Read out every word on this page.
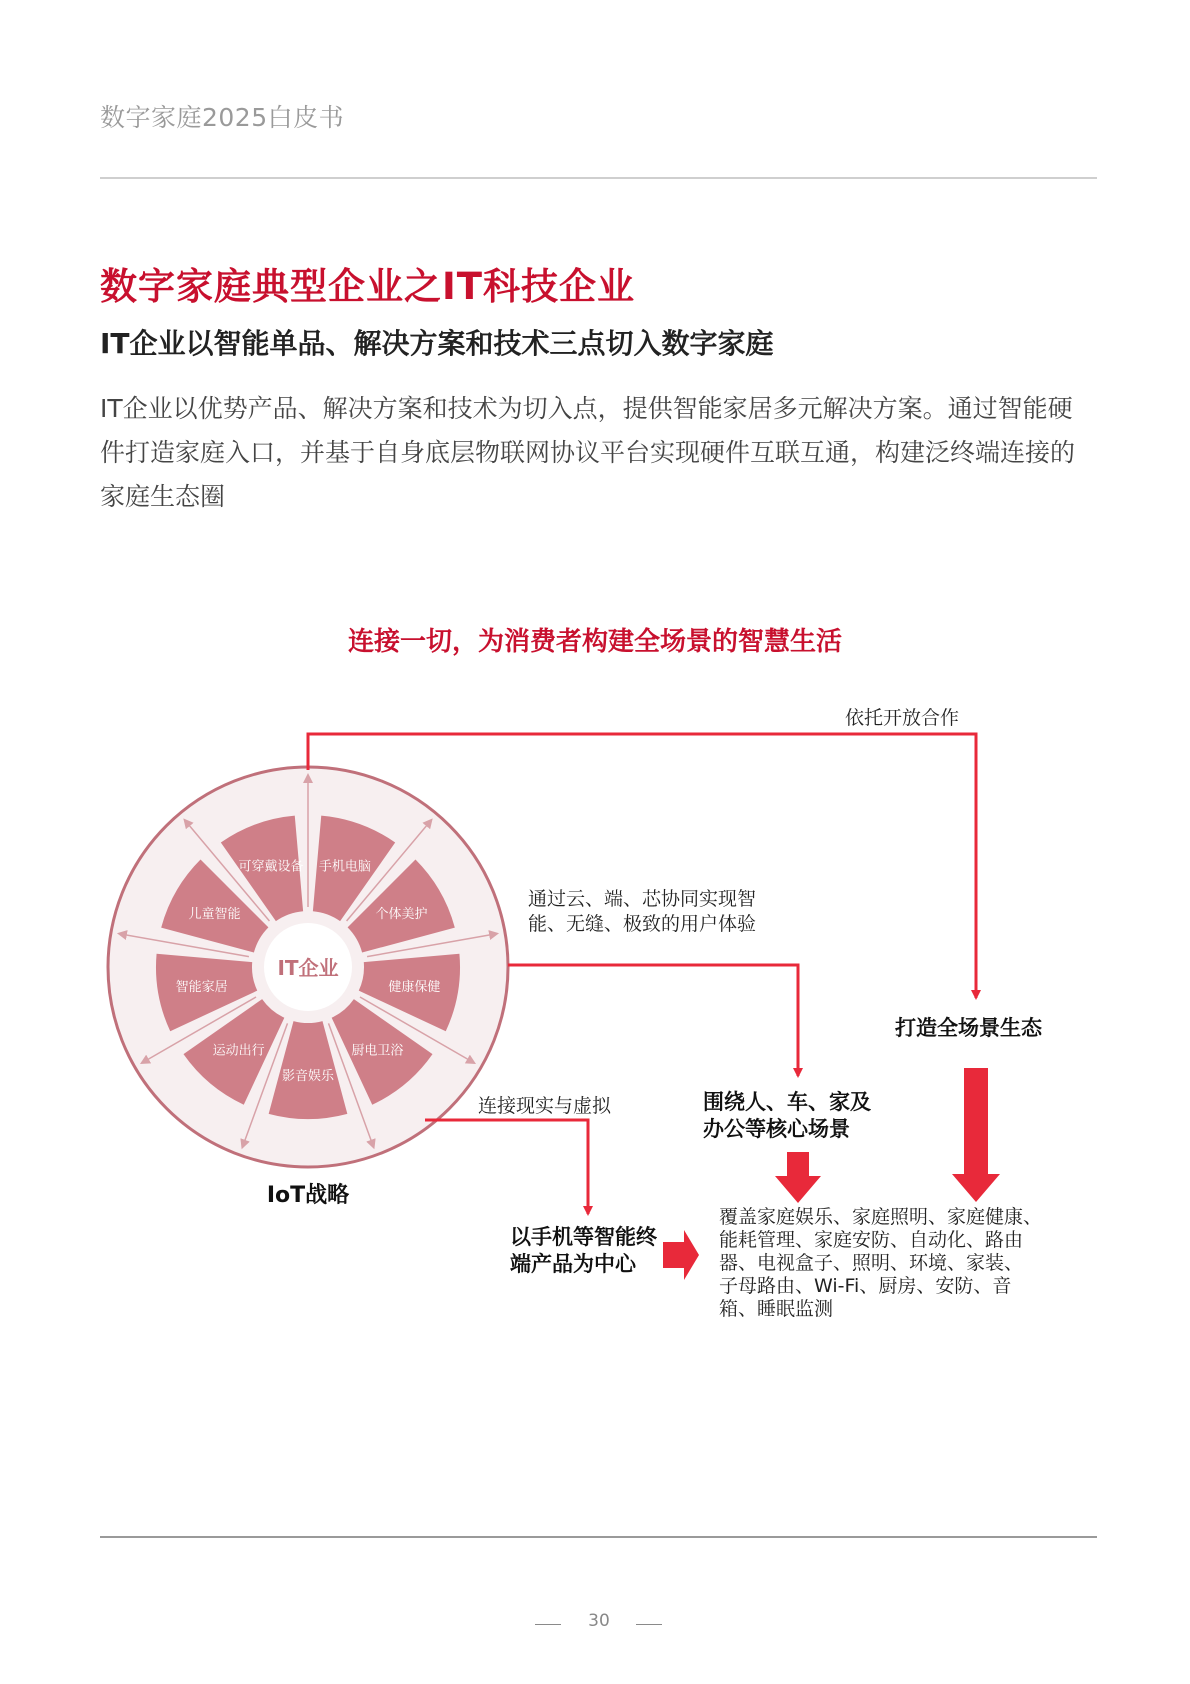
数字家庭2025白皮书
数字家庭典型企业之IT科技企业
IT企业以智能单品、解决方案和技术三点切入数字家庭
IT企业以优势产品、解决方案和技术为切入点，提供智能家居多元解决方案。通过智能硬件打造家庭入口，并基于自身底层物联网协议平台实现硬件互联互通，构建泛终端连接的家庭生态圈
连接一切，为消费者构建全场景的智慧生活
IT企业
可穿戴设备 手机电脑
个体美护
健康保健
厨电卫浴
影音娱乐
运动出行
智能家居
儿童智能
IoT战略
依托开放合作
通过云、端、芯协同实现智
能、无缝、极致的用户体验
连接现实与虚拟
打造全场景生态
围绕人、车、家及
办公等核心场景
以手机等智能终
端产品为中心
覆盖家庭娱乐、家庭照明、家庭健康、
能耗管理、家庭安防、自动化、路由
器、电视盒子、照明、环境、家装、
子母路由、Wi-Fi、厨房、安防、音
箱、睡眠监测
30
